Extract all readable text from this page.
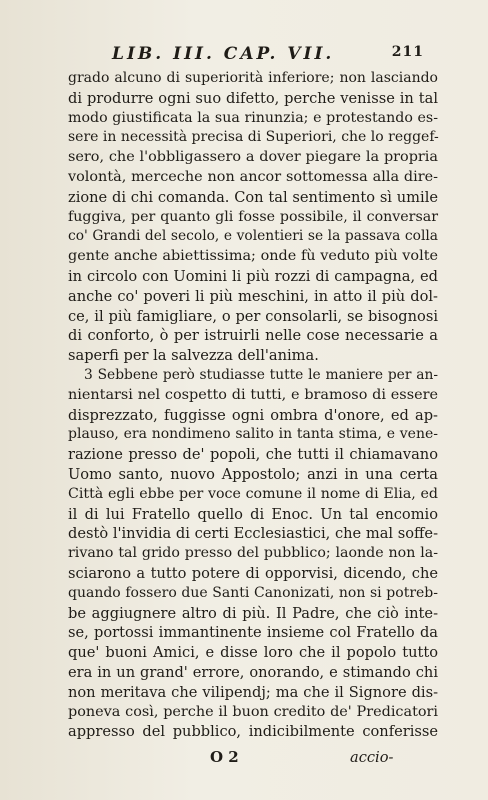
LIB. III. CAP. VII.	211
grado alcuno di superiorità inferiore; non lasciando
di produrre ogni suo difetto, perche venisse in tal
modo giustificata la sua rinunzia; e protestando es-
sere in necessità precisa di Superiori, che lo reggef-
sero, che l'obbligassero a dover piegare la propria
volontà, merceche non ancor sottomessa alla dire-
zione di chi comanda. Con tal sentimento sì umile
fuggiva, per quanto gli fosse possibile, il conversar
co' Grandi del secolo, e volentieri se la passava colla
gente anche abiettissima; onde fù veduto più volte
in circolo con Uomini li più rozzi di campagna, ed
anche co' poveri li più meschini, in atto il più dol-
ce, il più famigliare, o per consolarli, se bisognosi
di conforto, ò per istruirli nelle cose necessarie a
saperfi per la salvezza dell'anima.
3 Sebbene però studiasse tutte le maniere per an-
nientarsi nel cospetto di tutti, e bramoso di essere
disprezzato, fuggisse ogni ombra d'onore, ed ap-
plauso, era nondimeno salito in tanta stima, e vene-
razione presso de' popoli, che tutti il chiamavano
Uomo santo, nuovo Appostolo; anzi in una certa
Città egli ebbe per voce comune il nome di Elia, ed
il di lui Fratello quello di Enoc. Un tal encomio
destò l'invidia di certi Ecclesiastici, che mal soffe-
rivano tal grido presso del pubblico; laonde non la-
sciarono a tutto potere di opporvisi, dicendo, che
quando fossero due Santi Canonizati, non si potreb-
be aggiugnere altro di più. Il Padre, che ciò inte-
se, portossi immantinente insieme col Fratello da
que' buoni Amici, e disse loro che il popolo tutto
era in un grand' errore, onorando, e stimando chi
non meritava che vilipendj; ma che il Signore dis-
poneva così, perche il buon credito de' Predicatori
appresso del pubblico, indicibilmente conferisse
O 2	accio-
